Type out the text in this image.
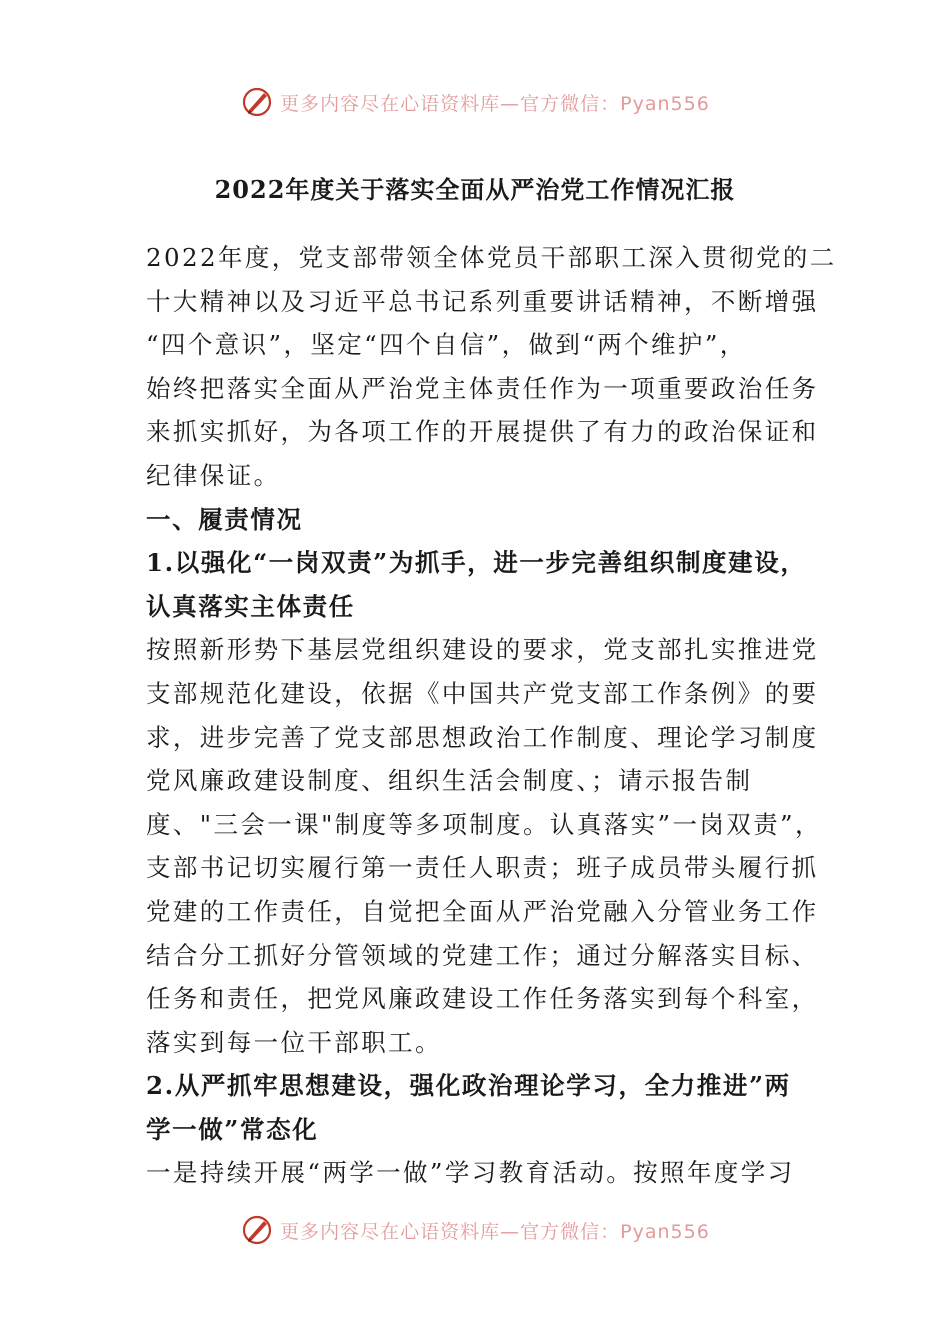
更多内容尽在心语资料库—官方微信：Pyan556
2022年度关于落实全面从严治党工作情况汇报
2022年度，党支部带领全体党员干部职工深入贯彻党的二
十大精神以及习近平总书记系列重要讲话精神，不断增强
“四个意识”，坚定“四个自信”，做到“两个维护”，
始终把落实全面从严治党主体责任作为一项重要政治任务
来抓实抓好，为各项工作的开展提供了有力的政治保证和
纪律保证。
一、履责情况
1.以强化“一岗双责”为抓手，进一步完善组织制度建设，
认真落实主体责任
按照新形势下基层党组织建设的要求，党支部扎实推进党
支部规范化建设，依据《中国共产党支部工作条例》的要
求，进步完善了党支部思想政治工作制度、理论学习制度
党风廉政建设制度、组织生活会制度、；请示报告制
度、"三会一课"制度等多项制度。认真落实”一岗双责”，
支部书记切实履行第一责任人职责；班子成员带头履行抓
党建的工作责任，自觉把全面从严治党融入分管业务工作
结合分工抓好分管领域的党建工作；通过分解落实目标、
任务和责任，把党风廉政建设工作任务落实到每个科室，
落实到每一位干部职工。
2.从严抓牢思想建设，强化政治理论学习，全力推进”两
学一做”常态化
一是持续开展“两学一做”学习教育活动。按照年度学习
更多内容尽在心语资料库—官方微信：Pyan556
